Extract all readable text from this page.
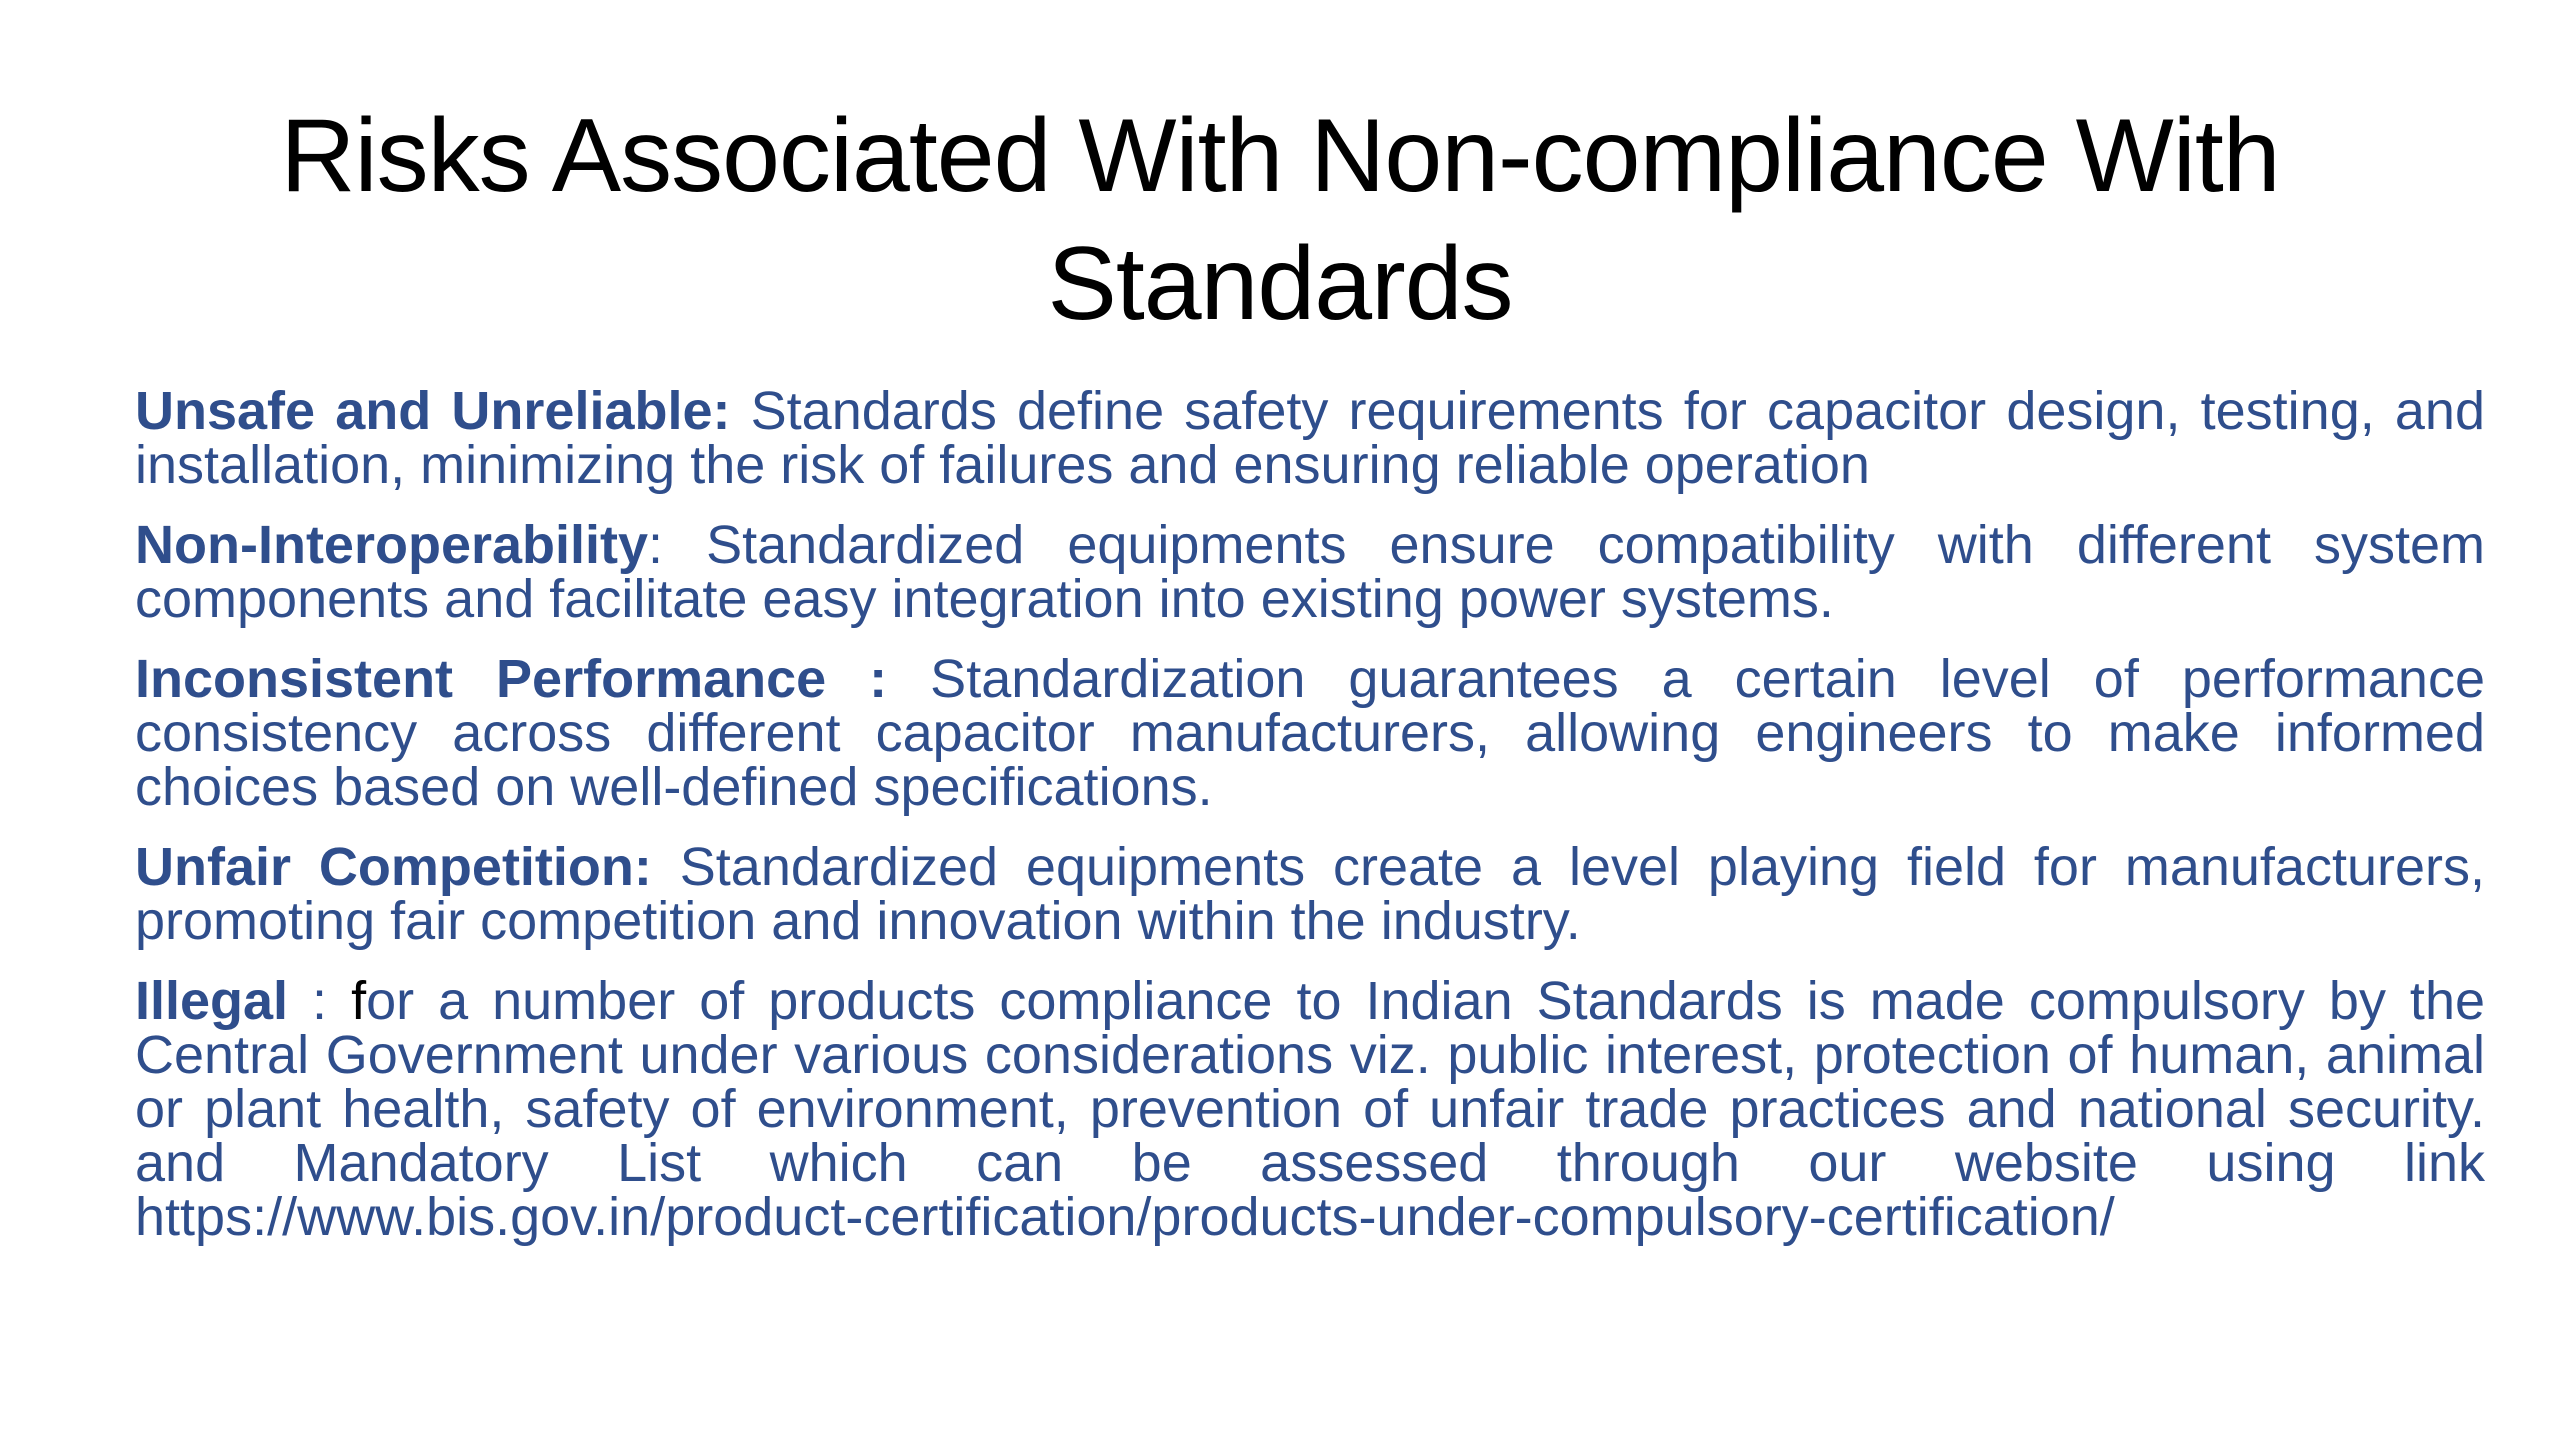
Risks Associated With Non-compliance With Standards

Unsafe and Unreliable: Standards define safety requirements for capacitor design, testing, and installation, minimizing the risk of failures and ensuring reliable operation

Non-Interoperability: Standardized equipments ensure compatibility with different system components and facilitate easy integration into existing power systems.

Inconsistent Performance : Standardization guarantees a certain level of performance consistency across different capacitor manufacturers, allowing engineers to make informed choices based on well-defined specifications.

Unfair Competition: Standardized equipments create a level playing field for manufacturers, promoting fair competition and innovation within the industry.

Illegal : for a number of products compliance to Indian Standards is made compulsory by the Central Government under various considerations viz. public interest, protection of human, animal or plant health, safety of environment, prevention of unfair trade practices and national security. and Mandatory List which can be assessed through our website using link https://www.bis.gov.in/product-certification/products-under-compulsory-certification/
